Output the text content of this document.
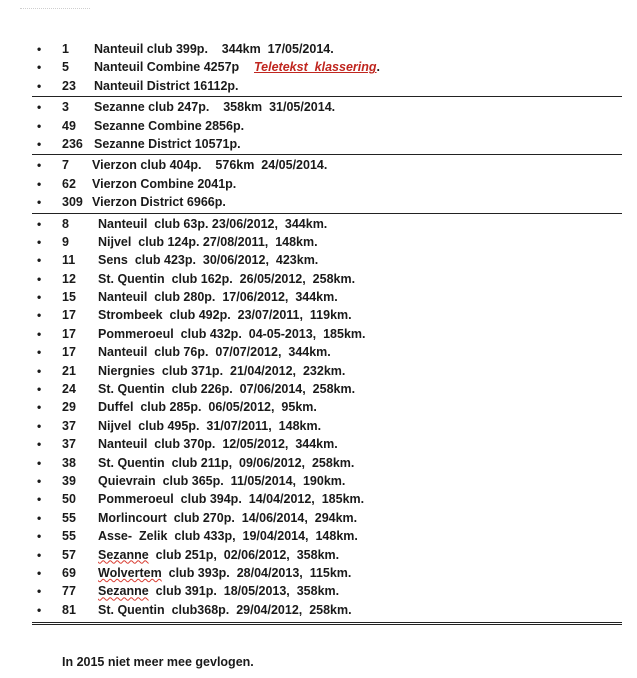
• 1 Nanteuil club 399p.    344km  17/05/2014.
• 5 Nanteuil Combine 4257p
Teletekst  klassering.
• 23 Nanteuil District 16112p.
• 3 Sezanne club 247p.    358km  31/05/2014.
• 49 Sezanne Combine 2856p.
• 236 Sezanne District 10571p.
• 7 Vierzon club 404p.    576km  24/05/2014.
• 62 Vierzon Combine 2041p.
• 309 Vierzon District 6966p.
• 8 Nanteuil  club 63p. 23/06/2012,  344km.
• 9 Nijvel  club 124p. 27/08/2011,  148km.
• 11 Sens  club 423p.  30/06/2012,  423km.
• 12 St. Quentin  club 162p.  26/05/2012,  258km.
• 15 Nanteuil  club 280p.  17/06/2012,  344km.
• 17 Strombeek  club 492p.  23/07/2011,  119km.
• 17 Pommeroeul  club 432p.  04-05-2013,  185km.
• 17 Nanteuil  club 76p.  07/07/2012,  344km.
• 21 Niergnies  club 371p.  21/04/2012,  232km.
• 24 St. Quentin  club 226p.  07/06/2014,  258km.
• 29 Duffel  club 285p.  06/05/2012,  95km.
• 37 Nijvel  club 495p.  31/07/2011,  148km.
• 37 Nanteuil  club 370p.  12/05/2012,  344km.
• 38 St. Quentin  club 211p,  09/06/2012,  258km.
• 39 Quievrain  club 365p.  11/05/2014,  190km.
• 50 Pommeroeul  club 394p.  14/04/2012,  185km.
• 55 Morlincourt  club 270p.  14/06/2014,  294km.
• 55 Asse-  Zelik  club 433p,  19/04/2014,  148km.
• 57 Sezanne  club 251p,  02/06/2012,  358km.
• 69 Wolvertem  club 393p.  28/04/2013,  115km.
• 77 Sezanne  club 391p.  18/05/2013,  358km.
• 81 St. Quentin  club368p.  29/04/2012,  258km.
In 2015 niet meer mee gevlogen.
